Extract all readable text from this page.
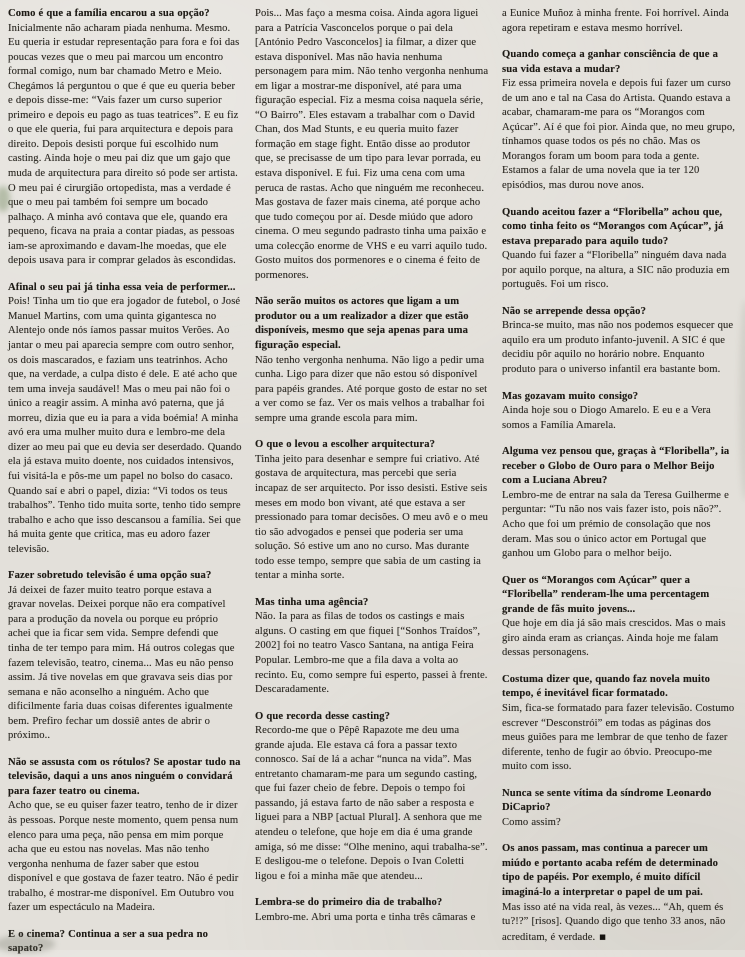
Como é que a família encarou a sua opção?

Inicialmente não acharam piada nenhuma. Mesmo. Eu queria ir estudar representação para fora e foi das poucas vezes que o meu pai marcou um encontro formal comigo, num bar chamado Metro e Meio. Chegámos lá perguntou o que é que eu queria beber e depois disse-me: “Vais fazer um curso superior primeiro e depois eu pago as tuas teatrices”. E eu fiz o que ele queria, fui para arquitectura e depois para direito. Depois desisti porque fui escolhido num casting. Ainda hoje o meu pai diz que um gajo que muda de arquitectura para direito só pode ser artista. O meu pai é cirurgião ortopedista, mas a verdade é que o meu pai também foi sempre um bocado palhaço. A minha avó contava que ele, quando era pequeno, ficava na praia a contar piadas, as pessoas iam-se aproximando e davam-lhe moedas, que ele depois usava para ir comprar gelados às escondidas.

Afinal o seu pai já tinha essa veia de performer...

Pois! Tinha um tio que era jogador de futebol, o José Manuel Martins, com uma quinta gigantesca no Alentejo onde nós íamos passar muitos Verões. Ao jantar o meu pai aparecia sempre com outro senhor, os dois mascarados, e faziam uns teatrinhos. Acho que, na verdade, a culpa disto é dele. E até acho que tem uma inveja saudável! Mas o meu pai não foi o único a reagir assim. A minha avó paterna, que já morreu, dizia que eu ia para a vida boémia! A minha avó era uma mulher muito dura e lembro-me dela dizer ao meu pai que eu devia ser deserdado. Quando ela já estava muito doente, nos cuidados intensivos, fui visitá-la e pôs-me um papel no bolso do casaco. Quando saí e abri o papel, dizia: “Vi todos os teus trabalhos”. Tenho tido muita sorte, tenho tido sempre trabalho e acho que isso descansou a família. Sei que há muita gente que critica, mas eu adoro fazer televisão.

Fazer sobretudo televisão é uma opção sua?

Já deixei de fazer muito teatro porque estava a gravar novelas. Deixei porque não era compatível para a produção da novela ou porque eu próprio achei que ia ficar sem vida. Sempre defendi que tinha de ter tempo para mim. Há outros colegas que fazem televisão, teatro, cinema... Mas eu não penso assim. Já tive novelas em que gravava seis dias por semana e não aconselho a ninguém. Acho que dificilmente faria duas coisas diferentes igualmente bem. Prefiro fechar um dossiê antes de abrir o próximo..

Não se assusta com os rótulos? Se apostar tudo na televisão, daqui a uns anos ninguém o convidará para fazer teatro ou cinema.

Acho que, se eu quiser fazer teatro, tenho de ir dizer às pessoas. Porque neste momento, quem pensa num elenco para uma peça, não pensa em mim porque acha que eu estou nas novelas. Mas não tenho vergonha nenhuma de fazer saber que estou disponível e que gostava de fazer teatro. Não é pedir trabalho, é mostrar-me disponível. Em Outubro vou fazer um espectáculo na Madeira.

E o cinema? Continua a ser a sua pedra no sapato?

Pois... Mas faço a mesma coisa. Ainda agora liguei para a Patrícia Vasconcelos porque o pai dela [António Pedro Vasconcelos] ia filmar, a dizer que estava disponível. Mas não havia nenhuma personagem para mim. Não tenho vergonha nenhuma em ligar a mostrar-me disponível, até para uma figuração especial. Fiz a mesma coisa naquela série, “O Bairro”. Eles estavam a trabalhar com o David Chan, dos Mad Stunts, e eu queria muito fazer formação em stage fight. Então disse ao produtor que, se precisasse de um tipo para levar porrada, eu estava disponível. E fui. Fiz uma cena com uma peruca de rastas. Acho que ninguém me reconheceu. Mas gostava de fazer mais cinema, até porque acho que tudo começou por aí. Desde miúdo que adoro cinema. O meu segundo padrasto tinha uma paixão e uma colecção enorme de VHS e eu varri aquilo tudo. Gosto muitos dos pormenores e o cinema é feito de pormenores.

Não serão muitos os actores que ligam a um produtor ou a um realizador a dizer que estão disponíveis, mesmo que seja apenas para uma figuração especial.

Não tenho vergonha nenhuma. Não ligo a pedir uma cunha. Ligo para dizer que não estou só disponível para papéis grandes. Até porque gosto de estar no set a ver como se faz. Ver os mais velhos a trabalhar foi sempre uma grande escola para mim.

O que o levou a escolher arquitectura?

Tinha jeito para desenhar e sempre fui criativo. Até gostava de arquitectura, mas percebi que seria incapaz de ser arquitecto. Por isso desisti. Estive seis meses em modo bon vivant, até que estava a ser pressionado para tomar decisões. O meu avô e o meu tio são advogados e pensei que poderia ser uma solução. Só estive um ano no curso. Mas durante todo esse tempo, sempre que sabia de um casting ia tentar a minha sorte.

Mas tinha uma agência?

Não. Ia para as filas de todos os castings e mais alguns. O casting em que fiquei [“Sonhos Traídos”, 2002] foi no teatro Vasco Santana, na antiga Feira Popular. Lembro-me que a fila dava a volta ao recinto. Eu, como sempre fui esperto, passei à frente. Descaradamente.

O que recorda desse casting?

Recordo-me que o Pêpê Rapazote me deu uma grande ajuda. Ele estava cá fora a passar texto connosco. Saí de lá a achar “nunca na vida”. Mas entretanto chamaram-me para um segundo casting, que fui fazer cheio de febre. Depois o tempo foi passando, já estava farto de não saber a resposta e liguei para a NBP [actual Plural]. A senhora que me atendeu o telefone, que hoje em dia é uma grande amiga, só me disse: “Olhe menino, aqui trabalha-se”. E desligou-me o telefone. Depois o Ivan Coletti ligou e foi a minha mãe que atendeu...

Lembra-se do primeiro dia de trabalho?

Lembro-me. Abri uma porta e tinha três câmaras e

a Eunice Muñoz à minha frente. Foi horrível. Ainda agora repetiram e estava mesmo horrível.

Quando começa a ganhar consciência de que a sua vida estava a mudar?

Fiz essa primeira novela e depois fui fazer um curso de um ano e tal na Casa do Artista. Quando estava a acabar, chamaram-me para os “Morangos com Açúcar”. Aí é que foi pior. Ainda que, no meu grupo, tínhamos quase todos os pés no chão. Mas os Morangos foram um boom para toda a gente. Estamos a falar de uma novela que ia ter 120 episódios, mas durou nove anos.

Quando aceitou fazer a “Floribella” achou que, como tinha feito os “Morangos com Açúcar”, já estava preparado para aquilo tudo?

Quando fui fazer a “Floribella” ninguém dava nada por aquilo porque, na altura, a SIC não produzia em português. Foi um risco.

Não se arrepende dessa opção?

Brinca-se muito, mas não nos podemos esquecer que aquilo era um produto infanto-juvenil. A SIC é que decidiu pôr aquilo no horário nobre. Enquanto produto para o universo infantil era bastante bom.

Mas gozavam muito consigo?

Ainda hoje sou o Diogo Amarelo. E eu e a Vera somos a Família Amarela.

Alguma vez pensou que, graças à “Floribella”, ia receber o Globo de Ouro para o Melhor Beijo com a Luciana Abreu?

Lembro-me de entrar na sala da Teresa Guilherme e perguntar: “Tu não nos vais fazer isto, pois não?”. Acho que foi um prémio de consolação que nos deram. Mas sou o único actor em Portugal que ganhou um Globo para o melhor beijo.

Quer os “Morangos com Açúcar” quer a “Floribella” renderam-lhe uma percentagem grande de fãs muito jovens...

Que hoje em dia já são mais crescidos. Mas o mais giro ainda eram as crianças. Ainda hoje me falam dessas personagens.

Costuma dizer que, quando faz novela muito tempo, é inevitável ficar formatado.

Sim, fica-se formatado para fazer televisão. Costumo escrever “Desconstrói” em todas as páginas dos meus guiões para me lembrar de que tenho de fazer diferente, tenho de fugir ao óbvio. Preocupo-me muito com isso.

Nunca se sente vítima da síndrome Leonardo DiCaprio?

Como assim?

Os anos passam, mas continua a parecer um miúdo e portanto acaba refém de determinado tipo de papéis. Por exemplo, é muito difícil imaginá-lo a interpretar o papel de um pai.

Mas isso até na vida real, às vezes... “Ah, quem és tu?!?” [risos]. Quando digo que tenho 33 anos, não acreditam, é verdade. ■
